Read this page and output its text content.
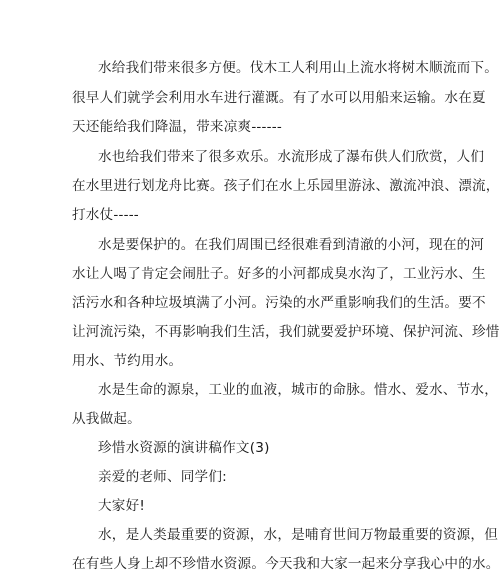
水给我们带来很多方便。伐木工人利用山上流水将树木顺流而下。
很早人们就学会利用水车进行灌溉。有了水可以用船来运输。水在夏
天还能给我们降温，带来凉爽------
水也给我们带来了很多欢乐。水流形成了瀑布供人们欣赏，人们
在水里进行划龙舟比赛。孩子们在水上乐园里游泳、激流冲浪、漂流，
打水仗-----
水是要保护的。在我们周围已经很难看到清澈的小河，现在的河
水让人喝了肯定会闹肚子。好多的小河都成臭水沟了，工业污水、生
活污水和各种垃圾填满了小河。污染的水严重影响我们的生活。要不
让河流污染，不再影响我们生活，我们就要爱护环境、保护河流、珍惜
用水、节约用水。
水是生命的源泉，工业的血液，城市的命脉。惜水、爱水、节水，
从我做起。
珍惜水资源的演讲稿作文(3)
亲爱的老师、同学们:
大家好!
水，是人类最重要的资源，水，是哺育世间万物最重要的资源，但
在有些人身上却不珍惜水资源。今天我和大家一起来分享我心中的水。
